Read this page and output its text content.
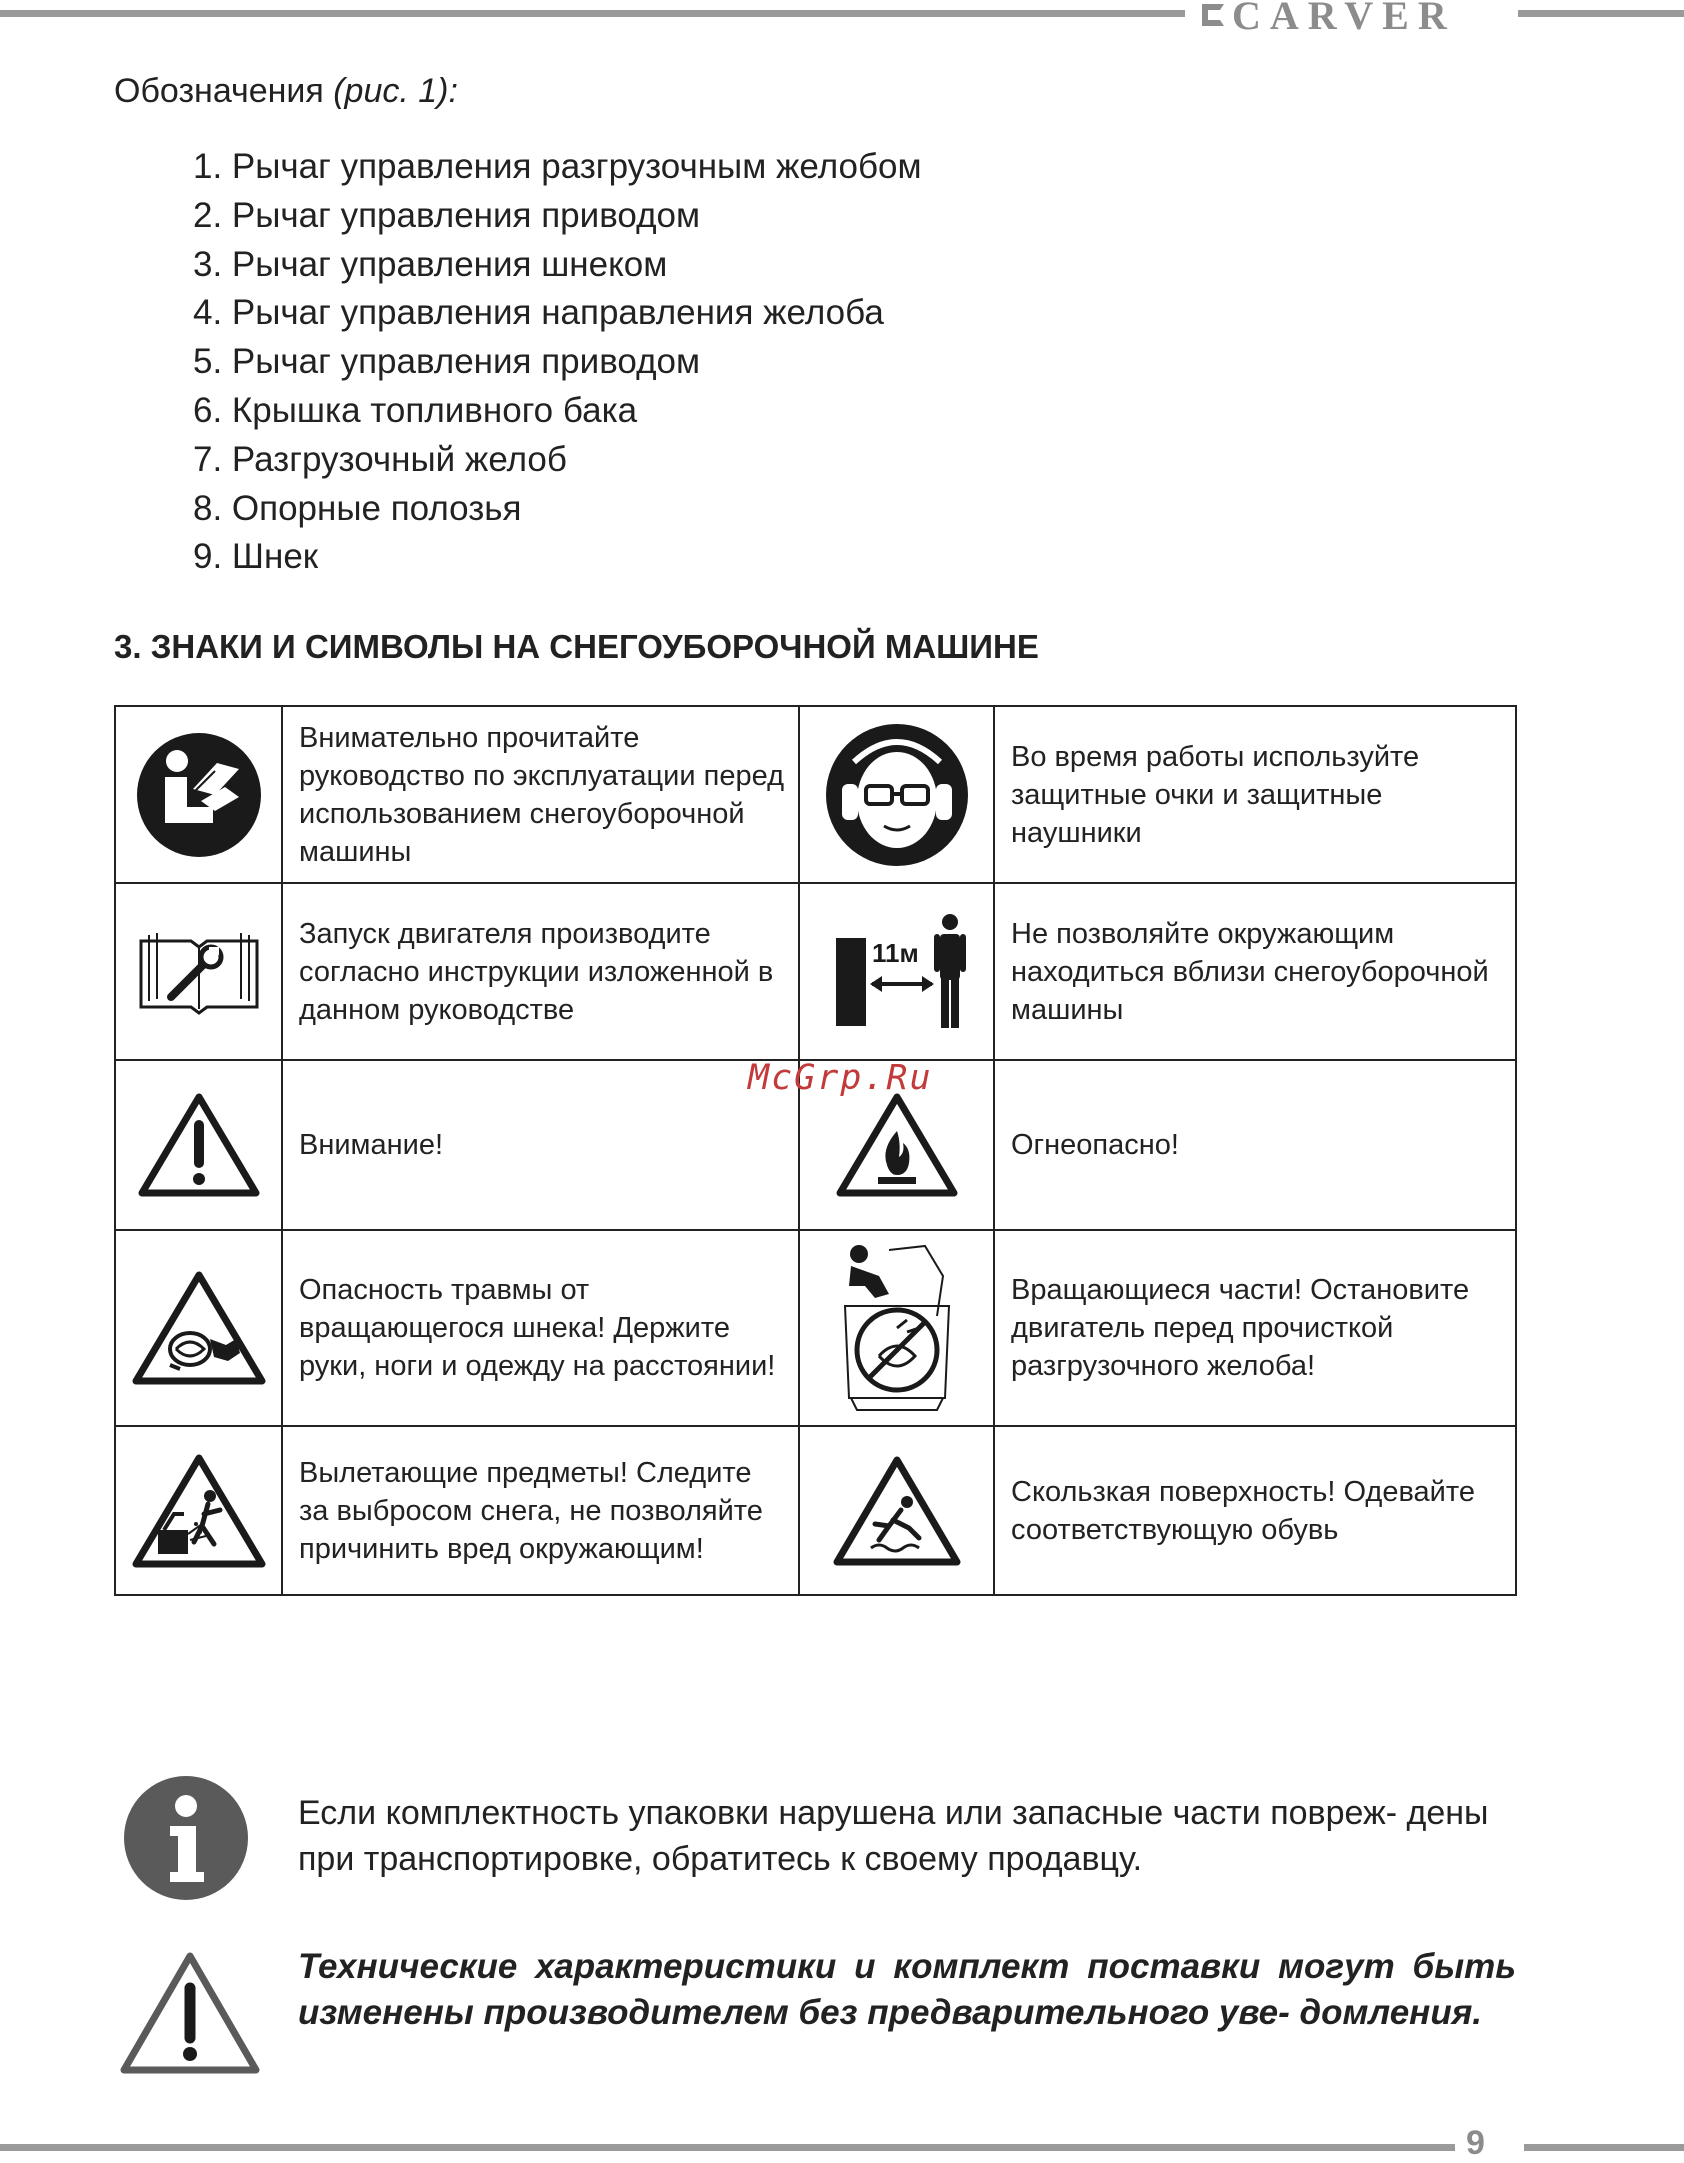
CARVER
Обозначения (рис. 1):
1. Рычаг управления разгрузочным желобом
2. Рычаг управления приводом
3. Рычаг управления шнеком
4. Рычаг управления направления желоба
5. Рычаг управления приводом
6. Крышка топливного бака
7. Разгрузочный желоб
8. Опорные полозья
9. Шнек
3. ЗНАКИ И СИМВОЛЫ НА СНЕГОУБОРОЧНОЙ МАШИНЕ
	Внимательно прочитайте руководство по эксплуатации перед использованием снегоуборочной машины		Во время работы используйте защитные очки и защитные наушники

	Запуск двигателя производите согласно инструкции изложенной в данном руководстве	11м	Не позволяйте окружающим находиться вблизи снегоуборочной машины

	Внимание!		Огнеопасно!

	Опасность травмы от вращающегося шнека! Держите руки, ноги и одежду на расстоянии!		Вращающиеся части! Остановите двигатель перед прочисткой разгрузочного желоба!

	Вылетающие предметы! Следите за выбросом снега, не позволяйте причинить вред окружающим!		Скользкая поверхность! Одевайте соответствующую обувь
McGrp.Ru
Если комплектность упаковки нарушена или запасные части повреж- дены при транспортировке, обратитесь к своему продавцу.
Технические характеристики и комплект поставки могут быть изменены производителем без предварительного уве- домления.
9
